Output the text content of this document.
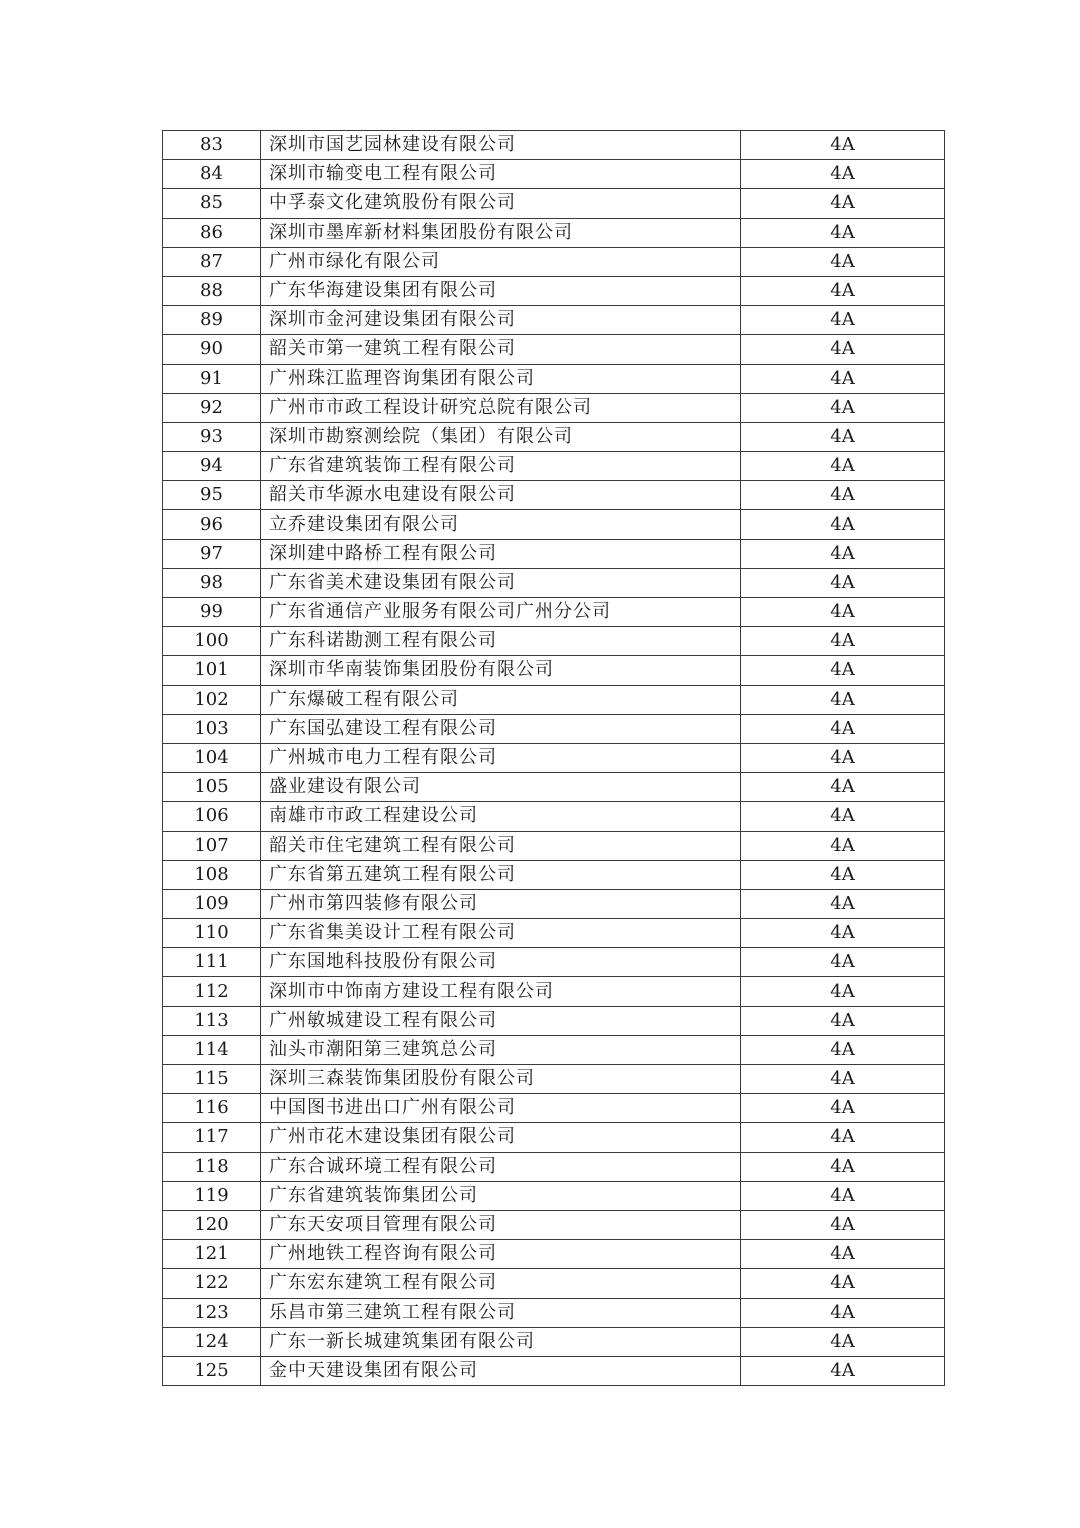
83	深圳市国艺园林建设有限公司	4A
84	深圳市输变电工程有限公司	4A
85	中孚泰文化建筑股份有限公司	4A
86	深圳市墨库新材料集团股份有限公司	4A
87	广州市绿化有限公司	4A
88	广东华海建设集团有限公司	4A
89	深圳市金河建设集团有限公司	4A
90	韶关市第一建筑工程有限公司	4A
91	广州珠江监理咨询集团有限公司	4A
92	广州市市政工程设计研究总院有限公司	4A
93	深圳市勘察测绘院（集团）有限公司	4A
94	广东省建筑装饰工程有限公司	4A
95	韶关市华源水电建设有限公司	4A
96	立乔建设集团有限公司	4A
97	深圳建中路桥工程有限公司	4A
98	广东省美术建设集团有限公司	4A
99	广东省通信产业服务有限公司广州分公司	4A
100	广东科诺勘测工程有限公司	4A
101	深圳市华南装饰集团股份有限公司	4A
102	广东爆破工程有限公司	4A
103	广东国弘建设工程有限公司	4A
104	广州城市电力工程有限公司	4A
105	盛业建设有限公司	4A
106	南雄市市政工程建设公司	4A
107	韶关市住宅建筑工程有限公司	4A
108	广东省第五建筑工程有限公司	4A
109	广州市第四装修有限公司	4A
110	广东省集美设计工程有限公司	4A
111	广东国地科技股份有限公司	4A
112	深圳市中饰南方建设工程有限公司	4A
113	广州敏城建设工程有限公司	4A
114	汕头市潮阳第三建筑总公司	4A
115	深圳三森装饰集团股份有限公司	4A
116	中国图书进出口广州有限公司	4A
117	广州市花木建设集团有限公司	4A
118	广东合诚环境工程有限公司	4A
119	广东省建筑装饰集团公司	4A
120	广东天安项目管理有限公司	4A
121	广州地铁工程咨询有限公司	4A
122	广东宏东建筑工程有限公司	4A
123	乐昌市第三建筑工程有限公司	4A
124	广东一新长城建筑集团有限公司	4A
125	金中天建设集团有限公司	4A
